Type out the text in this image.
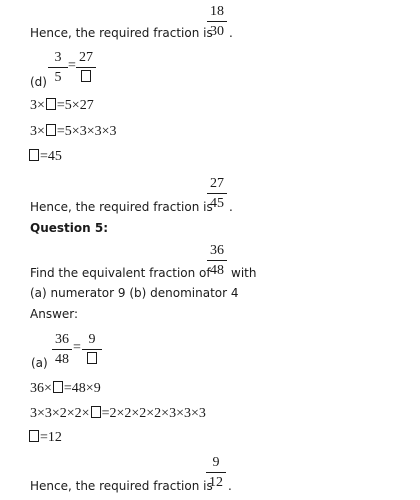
18
30
Hence, the required fraction is .
(d)
3
5
=
27
3× =5×27
3× =5×3×3×3
=45
27
45
Hence, the required fraction is .
Question 5:
36
48
Find the equivalent fraction of with
(a) numerator 9 (b) denominator 4
Answer:
(a)
36
48
=
9
36× =48×9
3×3×2×2× =2×2×2×2×3×3×3
=12
9
12
Hence, the required fraction is .
